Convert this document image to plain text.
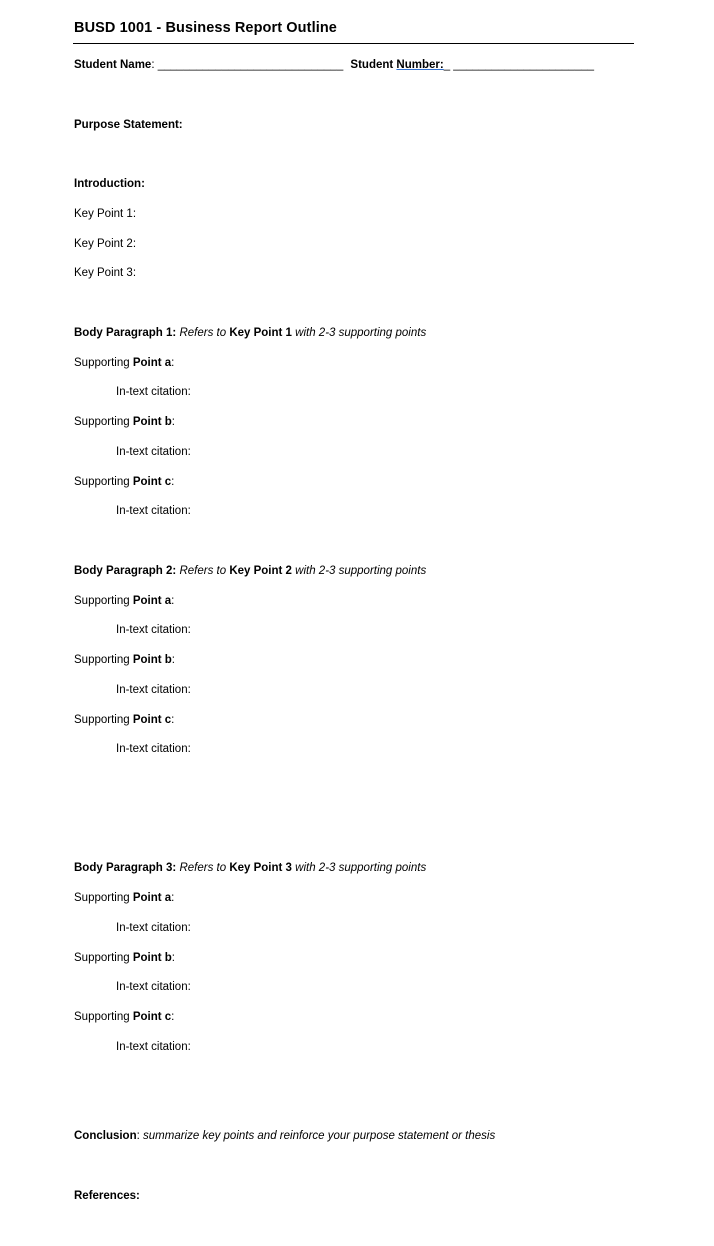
BUSD 1001 - Business Report Outline
Student Name: _____________________________ Student Number:_ ______________________
Purpose Statement:
Introduction:
Key Point 1:
Key Point 2:
Key Point 3:
Body Paragraph 1: Refers to Key Point 1 with 2-3 supporting points
Supporting Point a:
In-text citation:
Supporting Point b:
In-text citation:
Supporting Point c:
In-text citation:
Body Paragraph 2: Refers to Key Point 2 with 2-3 supporting points
Supporting Point a:
In-text citation:
Supporting Point b:
In-text citation:
Supporting Point c:
In-text citation:
Body Paragraph 3: Refers to Key Point 3 with 2-3 supporting points
Supporting Point a:
In-text citation:
Supporting Point b:
In-text citation:
Supporting Point c:
In-text citation:
Conclusion: summarize key points and reinforce your purpose statement or thesis
References:
